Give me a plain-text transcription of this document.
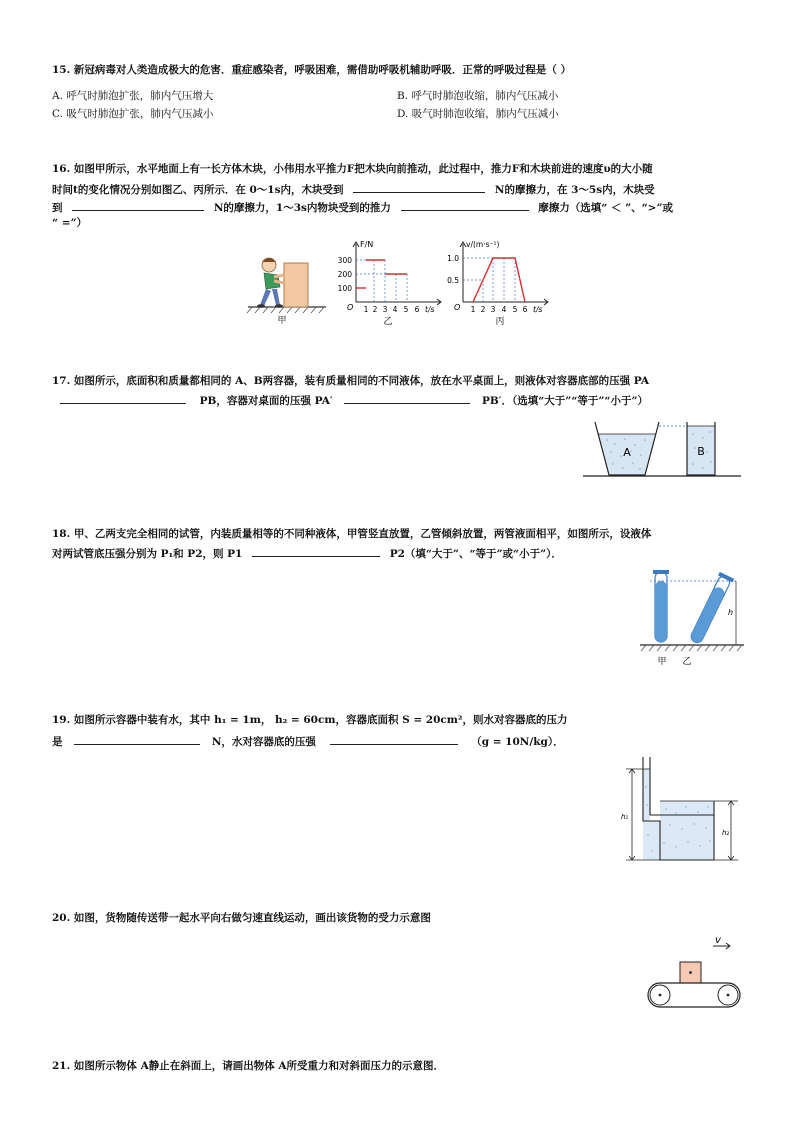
15. 新冠病毒对人类造成极大的危害．重症感染者，呼吸困难，需借助呼吸机辅助呼吸．正常的呼吸过程是（ ）
A. 呼气时肺泡扩张，肺内气压增大	B. 呼气时肺泡收缩，肺内气压减小
C. 吸气时肺泡扩张，肺内气压减小	D. 吸气时肺泡收缩，肺内气压减小
16. 如图甲所示，水平地面上有一长方体木块，小伟用水平推力F把木块向前推动，此过程中，推力F和木块前进的速度υ的大小随
时间t的变化情况分别如图乙、丙所示．在 0～1s内，木块受到	N的摩擦力，在 3～5s内，木块受
到	N的摩擦力，1～3s内物块受到的推力	摩擦力（选填“ ＜ ”、“>”或
“ =”）
甲
F/N
300
200
100
O 1 2 3 4 5 6 t/s
乙
v/(m·s⁻¹)
1.0
0.5
O 1 2 3 4 5 6 t/s
丙
17. 如图所示，底面积和质量都相同的 A、B两容器，装有质量相同的不同液体，放在水平桌面上，则液体对容器底部的压强 PA
PB，容器对桌面的压强 PA′	PB′．（选填“大于”“等于”“小于”）
A	B
18. 甲、乙两支完全相同的试管，内装质量相等的不同种液体，甲管竖直放置，乙管倾斜放置，两管液面相平，如图所示，设液体
对两试管底压强分别为 P₁和 P2，则 P1	P2（填“大于”、“等于”或“小于”）．
h
甲 乙
19. 如图所示容器中装有水，其中 h₁ = 1m， h₂ = 60cm，容器底面积 S = 20cm²，则水对容器底的压力
是	N，水对容器底的压强	（g = 10N/kg）．
h₁
h₂
20. 如图，货物随传送带一起水平向右做匀速直线运动，画出该货物的受力示意图
v
21. 如图所示物体 A静止在斜面上，请画出物体 A所受重力和对斜面压力的示意图．
